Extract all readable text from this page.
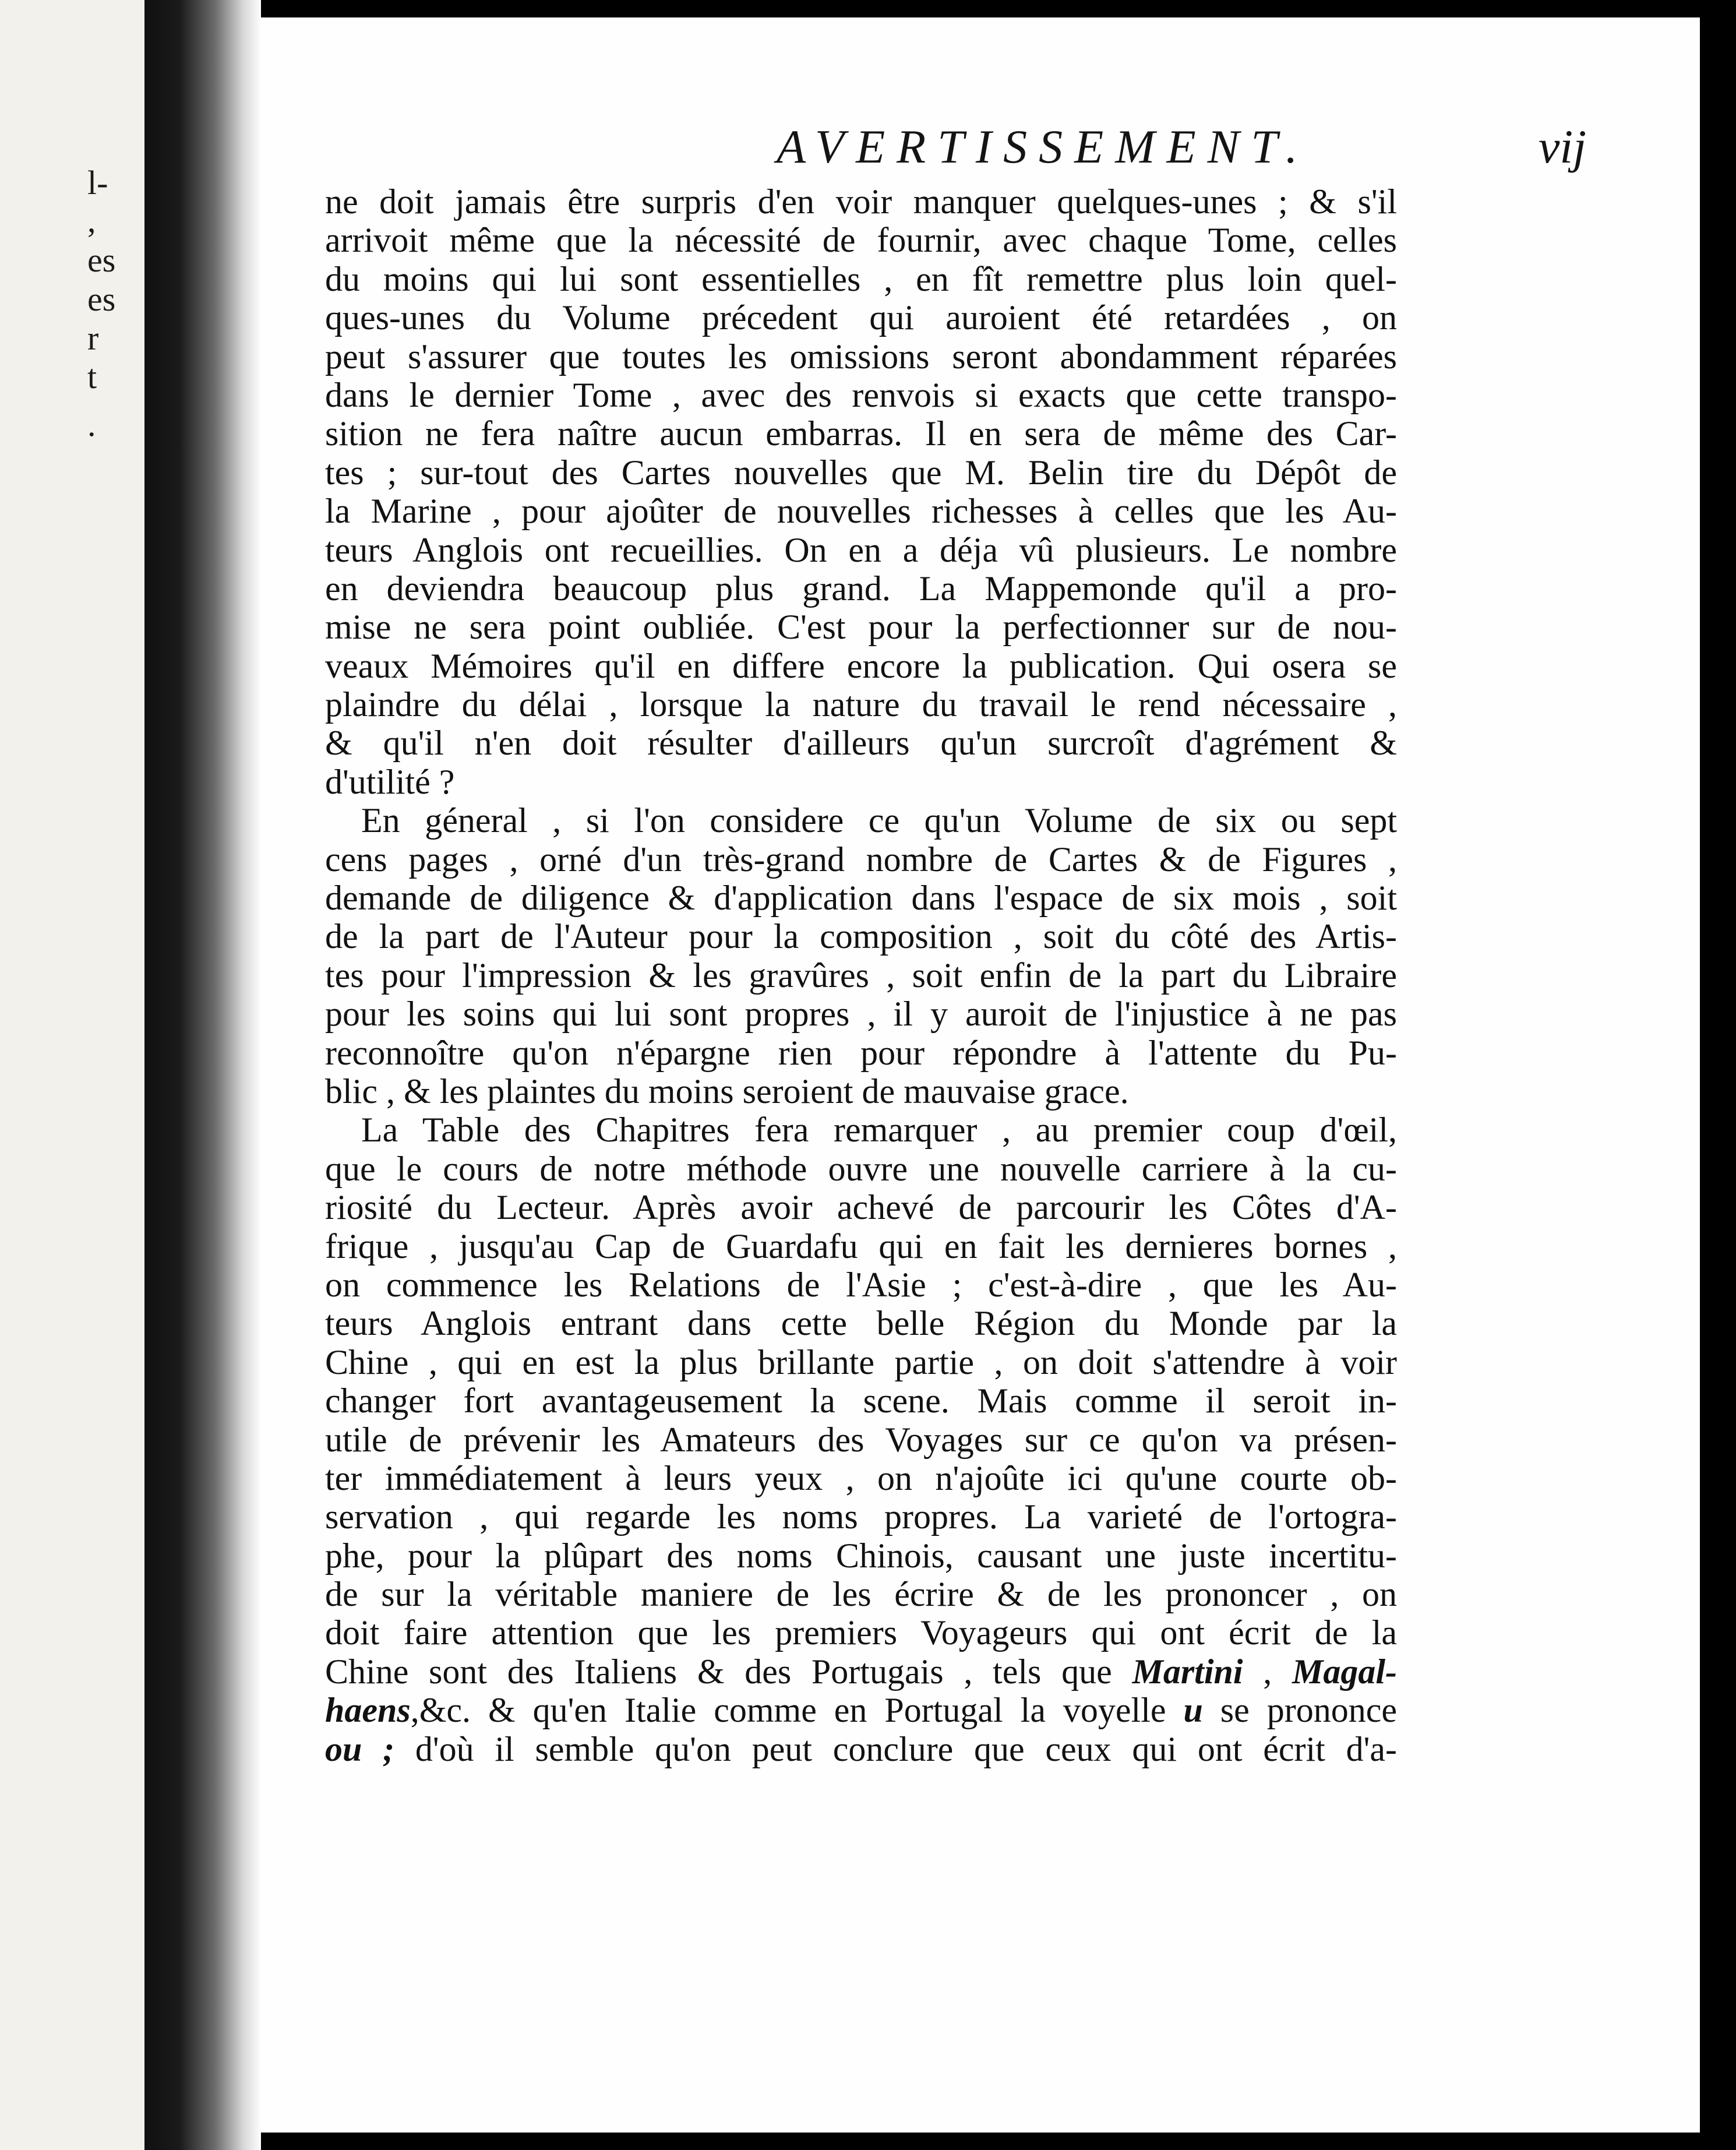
l-
,
es
es
r
t
.
AVERTISSEMENT.	vij
ne doit jamais être surpris d'en voir manquer quelques-unes ; & s'il
arrivoit même que la nécessité de fournir, avec chaque Tome, celles
du moins qui lui sont essentielles , en fît remettre plus loin quel-
ques-unes du Volume précedent qui auroient été retardées , on
peut s'assurer que toutes les omissions seront abondamment réparées
dans le dernier Tome , avec des renvois si exacts que cette transpo-
sition ne fera naître aucun embarras. Il en sera de même des Car-
tes ; sur-tout des Cartes nouvelles que M. Belin tire du Dépôt de
la Marine , pour ajoûter de nouvelles richesses à celles que les Au-
teurs Anglois ont recueillies. On en a déja vû plusieurs. Le nombre
en deviendra beaucoup plus grand. La Mappemonde qu'il a pro-
mise ne sera point oubliée. C'est pour la perfectionner sur de nou-
veaux Mémoires qu'il en differe encore la publication. Qui osera se
plaindre du délai , lorsque la nature du travail le rend nécessaire ,
& qu'il n'en doit résulter d'ailleurs qu'un surcroît d'agrément &
d'utilité ?
En géneral , si l'on considere ce qu'un Volume de six ou sept
cens pages , orné d'un très-grand nombre de Cartes & de Figures ,
demande de diligence & d'application dans l'espace de six mois , soit
de la part de l'Auteur pour la composition , soit du côté des Artis-
tes pour l'impression & les gravûres , soit enfin de la part du Libraire
pour les soins qui lui sont propres , il y auroit de l'injustice à ne pas
reconnoître qu'on n'épargne rien pour répondre à l'attente du Pu-
blic , & les plaintes du moins seroient de mauvaise grace.
La Table des Chapitres fera remarquer , au premier coup d'œil,
que le cours de notre méthode ouvre une nouvelle carriere à la cu-
riosité du Lecteur. Après avoir achevé de parcourir les Côtes d'A-
frique , jusqu'au Cap de Guardafu qui en fait les dernieres bornes ,
on commence les Relations de l'Asie ; c'est-à-dire , que les Au-
teurs Anglois entrant dans cette belle Région du Monde par la
Chine , qui en est la plus brillante partie , on doit s'attendre à voir
changer fort avantageusement la scene. Mais comme il seroit in-
utile de prévenir les Amateurs des Voyages sur ce qu'on va présen-
ter immédiatement à leurs yeux , on n'ajoûte ici qu'une courte ob-
servation , qui regarde les noms propres. La varieté de l'ortogra-
phe, pour la plûpart des noms Chinois, causant une juste incertitu-
de sur la véritable maniere de les écrire & de les prononcer , on
doit faire attention que les premiers Voyageurs qui ont écrit de la
Chine sont des Italiens & des Portugais , tels que Martini , Magal-
haens,&c. & qu'en Italie comme en Portugal la voyelle u se prononce
ou ; d'où il semble qu'on peut conclure que ceux qui ont écrit d'a-
